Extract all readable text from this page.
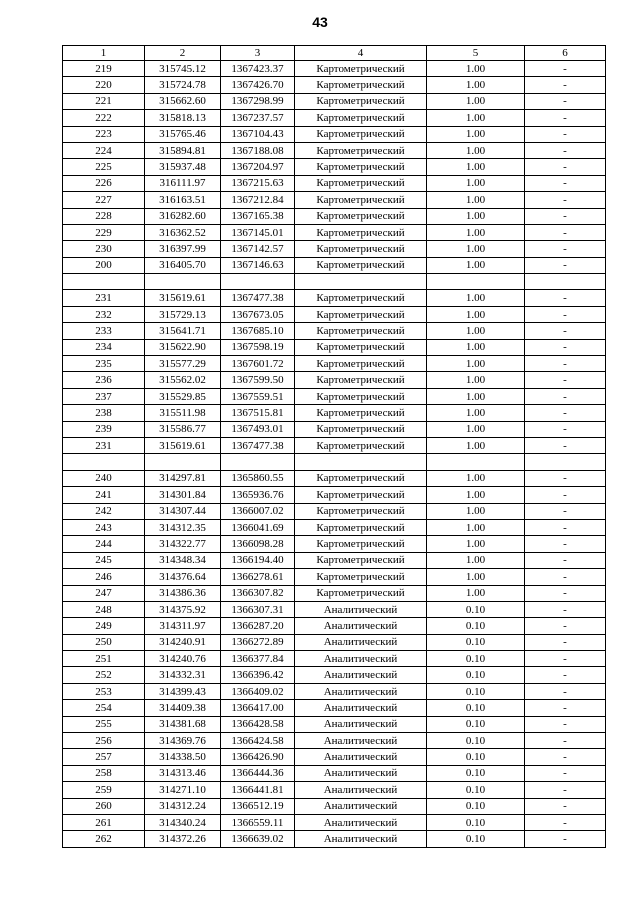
43
1	2	3	4	5	6
219	315745.12	1367423.37	Картометрический	1.00	-
220	315724.78	1367426.70	Картометрический	1.00	-
221	315662.60	1367298.99	Картометрический	1.00	-
222	315818.13	1367237.57	Картометрический	1.00	-
223	315765.46	1367104.43	Картометрический	1.00	-
224	315894.81	1367188.08	Картометрический	1.00	-
225	315937.48	1367204.97	Картометрический	1.00	-
226	316111.97	1367215.63	Картометрический	1.00	-
227	316163.51	1367212.84	Картометрический	1.00	-
228	316282.60	1367165.38	Картометрический	1.00	-
229	316362.52	1367145.01	Картометрический	1.00	-
230	316397.99	1367142.57	Картометрический	1.00	-
200	316405.70	1367146.63	Картометрический	1.00	-

231	315619.61	1367477.38	Картометрический	1.00	-
232	315729.13	1367673.05	Картометрический	1.00	-
233	315641.71	1367685.10	Картометрический	1.00	-
234	315622.90	1367598.19	Картометрический	1.00	-
235	315577.29	1367601.72	Картометрический	1.00	-
236	315562.02	1367599.50	Картометрический	1.00	-
237	315529.85	1367559.51	Картометрический	1.00	-
238	315511.98	1367515.81	Картометрический	1.00	-
239	315586.77	1367493.01	Картометрический	1.00	-
231	315619.61	1367477.38	Картометрический	1.00	-

240	314297.81	1365860.55	Картометрический	1.00	-
241	314301.84	1365936.76	Картометрический	1.00	-
242	314307.44	1366007.02	Картометрический	1.00	-
243	314312.35	1366041.69	Картометрический	1.00	-
244	314322.77	1366098.28	Картометрический	1.00	-
245	314348.34	1366194.40	Картометрический	1.00	-
246	314376.64	1366278.61	Картометрический	1.00	-
247	314386.36	1366307.82	Картометрический	1.00	-
248	314375.92	1366307.31	Аналитический	0.10	-
249	314311.97	1366287.20	Аналитический	0.10	-
250	314240.91	1366272.89	Аналитический	0.10	-
251	314240.76	1366377.84	Аналитический	0.10	-
252	314332.31	1366396.42	Аналитический	0.10	-
253	314399.43	1366409.02	Аналитический	0.10	-
254	314409.38	1366417.00	Аналитический	0.10	-
255	314381.68	1366428.58	Аналитический	0.10	-
256	314369.76	1366424.58	Аналитический	0.10	-
257	314338.50	1366426.90	Аналитический	0.10	-
258	314313.46	1366444.36	Аналитический	0.10	-
259	314271.10	1366441.81	Аналитический	0.10	-
260	314312.24	1366512.19	Аналитический	0.10	-
261	314340.24	1366559.11	Аналитический	0.10	-
262	314372.26	1366639.02	Аналитический	0.10	-
